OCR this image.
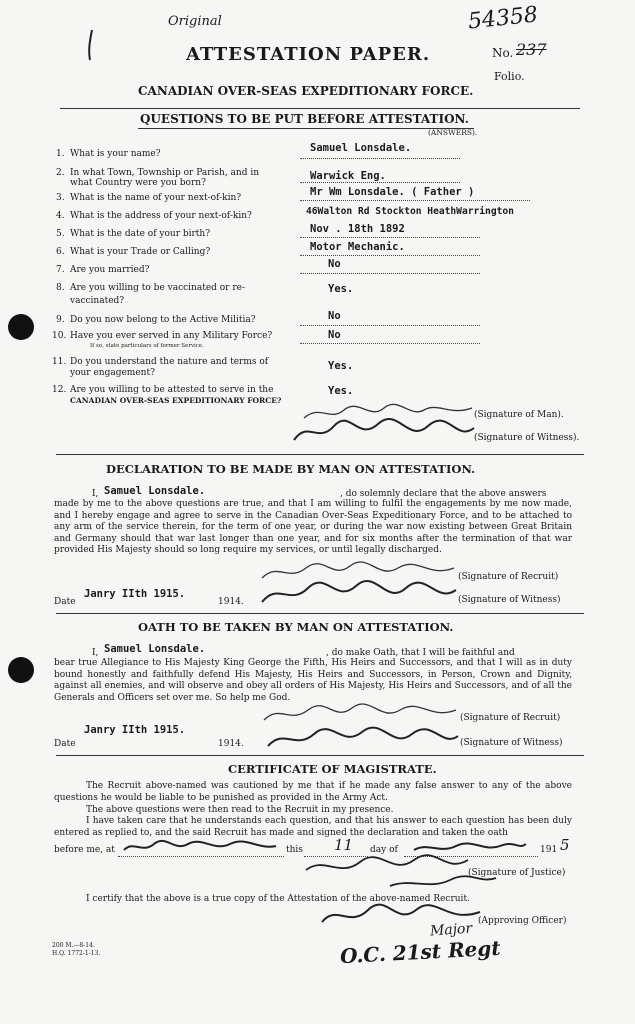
Original	54358
ATTESTATION PAPER.	No. 237
Folio.
CANADIAN OVER-SEAS EXPEDITIONARY FORCE.
QUESTIONS TO BE PUT BEFORE ATTESTATION.
(ANSWERS).
1. What is your name?	Samuel Lonsdale.
2. In what Town, Township or Parish, and in
what Country were you born?
Warwick Eng.
3. What is the name of your next-of-kin?	Mr Wm Lonsdale. ( Father )
4. What is the address of your next-of-kin?	46Walton Rd Stockton HeathWarrington
5. What is the date of your birth?	Nov . 18th 1892
6. What is your Trade or Calling?	Motor Mechanic.
7. Are you married?	No
8. Are you willing to be vaccinated or re-
vaccinated?
Yes.
9. Do you now belong to the Active Militia?	No
10. Have you ever served in any Military Force?
If so, state particulars of former Service.
No
11. Do you understand the nature and terms of
your engagement?
Yes.
12. Are you willing to be attested to serve in the
CANADIAN OVER-SEAS EXPEDITIONARY FORCE?
Yes.
(Signature of Man).
(Signature of Witness).
DECLARATION TO BE MADE BY MAN ON ATTESTATION.
I, Samuel Lonsdale.	, do solemnly declare that the above answers
made by me to the above questions are true, and that I am willing to fulfil the engagements by me now made, and I hereby engage and agree to serve in the Canadian Over-Seas Expeditionary Force, and to be attached to any arm of the service therein, for the term of one year, or during the war now existing between Great Britain and Germany should that war last longer than one year, and for six months after the termination of that war provided His Majesty should so long require my services, or until legally discharged.
(Signature of Recruit)
Date
Janry IIth 1915.
1914.	(Signature of Witness)
OATH TO BE TAKEN BY MAN ON ATTESTATION.
I, Samuel Lonsdale.	, do make Oath, that I will be faithful and
bear true Allegiance to His Majesty King George the Fifth, His Heirs and Successors, and that I will as in duty bound honestly and faithfully defend His Majesty, His Heirs and Successors, in Person, Crown and Dignity, against all enemies, and will observe and obey all orders of His Majesty, His Heirs and Successors, and of all the Generals and Officers set over me. So help me God.
(Signature of Recruit)
Janry IIth 1915.
Date	1914.	(Signature of Witness)
CERTIFICATE OF MAGISTRATE.
The Recruit above-named was cautioned by me that if he made any false answer to any of the above questions he would be liable to be punished as provided in the Army Act.
The above questions were then read to the Recruit in my presence.
I have taken care that he understands each question, and that his answer to each question has been duly entered as replied to, and the said Recruit has made and signed the declaration and taken the oath
before me, at	this 11 day of	191 5
(Signature of Justice)
I certify that the above is a true copy of the Attestation of the above-named Recruit.
(Approving Officer)
Major
O.C. 21st Regt
200 M.—8-14.
H.Q. 1772-1-13.
